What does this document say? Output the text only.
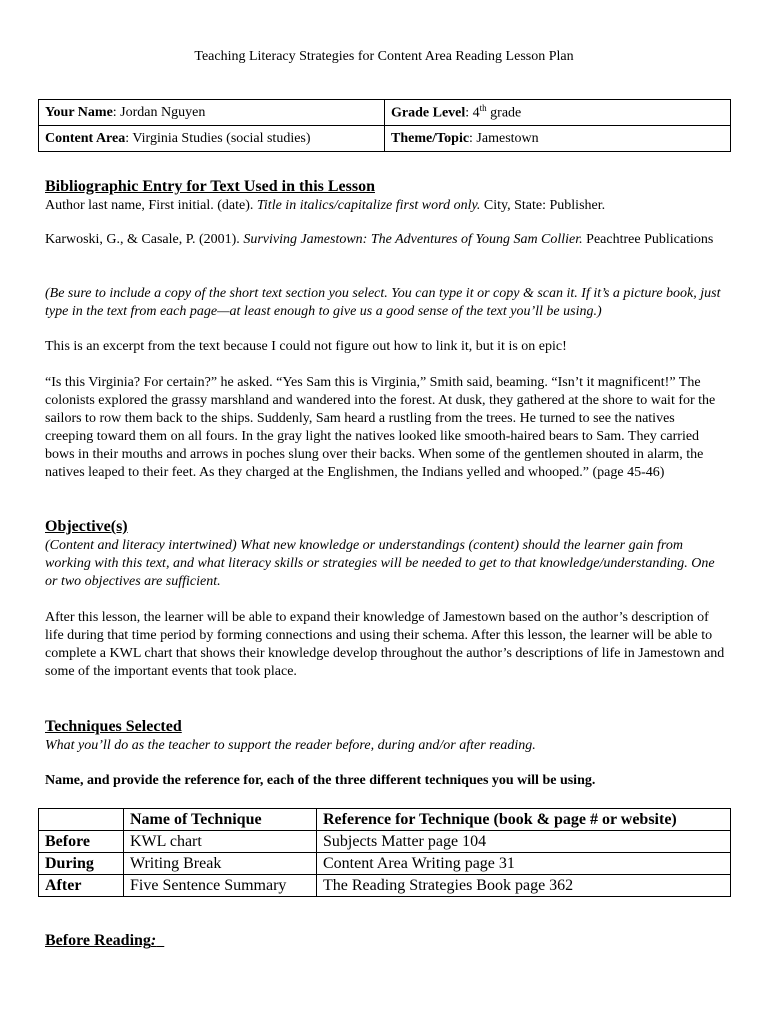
Teaching Literacy Strategies for Content Area Reading Lesson Plan
Your Name: Jordan Nguyen	Grade Level: 4th grade
Content Area: Virginia Studies (social studies)	Theme/Topic: Jamestown
Bibliographic Entry for Text Used in this Lesson
Author last name, First initial. (date). Title in italics/capitalize first word only. City, State: Publisher.
Karwoski, G., & Casale, P. (2001). Surviving Jamestown: The Adventures of Young Sam Collier. Peachtree Publications
(Be sure to include a copy of the short text section you select. You can type it or copy & scan it. If it’s a picture book, just type in the text from each page—at least enough to give us a good sense of the text you’ll be using.)
This is an excerpt from the text because I could not figure out how to link it, but it is on epic!
“Is this Virginia? For certain?” he asked. “Yes Sam this is Virginia,” Smith said, beaming. “Isn’t it magnificent!” The colonists explored the grassy marshland and wandered into the forest. At dusk, they gathered at the shore to wait for the sailors to row them back to the ships. Suddenly, Sam heard a rustling from the trees. He turned to see the natives creeping toward them on all fours. In the gray light the natives looked like smooth-haired bears to Sam. They carried bows in their mouths and arrows in poches slung over their backs. When some of the gentlemen shouted in alarm, the natives leaped to their feet. As they charged at the Englishmen, the Indians yelled and whooped.” (page 45-46)
Objective(s)
(Content and literacy intertwined) What new knowledge or understandings (content) should the learner gain from working with this text, and what literacy skills or strategies will be needed to get to that knowledge/understanding. One or two objectives are sufficient.
After this lesson, the learner will be able to expand their knowledge of Jamestown based on the author’s description of life during that time period by forming connections and using their schema. After this lesson, the learner will be able to complete a KWL chart that shows their knowledge develop throughout the author’s descriptions of life in Jamestown and some of the important events that took place.
Techniques Selected
What you’ll do as the teacher to support the reader before, during and/or after reading.
Name, and provide the reference for, each of the three different techniques you will be using.
	Name of Technique	Reference for Technique (book & page # or website)
Before	KWL chart	Subjects Matter page 104
During	Writing Break	Content Area Writing page 31
After	Five Sentence Summary	The Reading Strategies Book page 362
Before Reading:
